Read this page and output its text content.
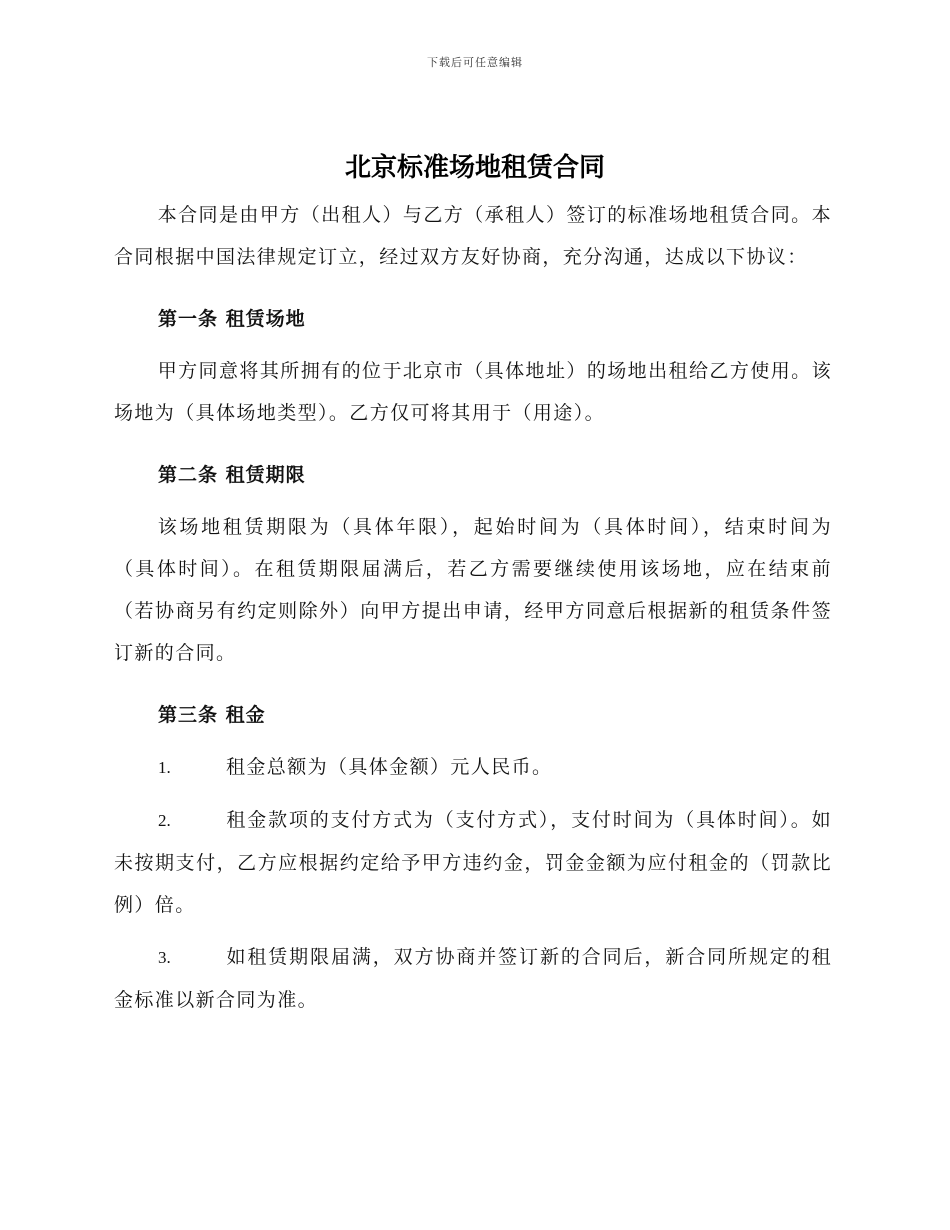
下载后可任意编辑
北京标准场地租赁合同

本合同是由甲方（出租人）与乙方（承租人）签订的标准场地租赁合同。本合同根据中国法律规定订立，经过双方友好协商，充分沟通，达成以下协议：

第一条 租赁场地

甲方同意将其所拥有的位于北京市（具体地址）的场地出租给乙方使用。该场地为（具体场地类型）。乙方仅可将其用于（用途）。

第二条 租赁期限

该场地租赁期限为（具体年限），起始时间为（具体时间），结束时间为（具体时间）。在租赁期限届满后，若乙方需要继续使用该场地，应在结束前（若协商另有约定则除外）向甲方提出申请，经甲方同意后根据新的租赁条件签订新的合同。

第三条 租金

1.	租金总额为（具体金额）元人民币。

2.	租金款项的支付方式为（支付方式），支付时间为（具体时间）。如未按期支付，乙方应根据约定给予甲方违约金，罚金金额为应付租金的（罚款比例）倍。

3.	如租赁期限届满，双方协商并签订新的合同后，新合同所规定的租金标准以新合同为准。
